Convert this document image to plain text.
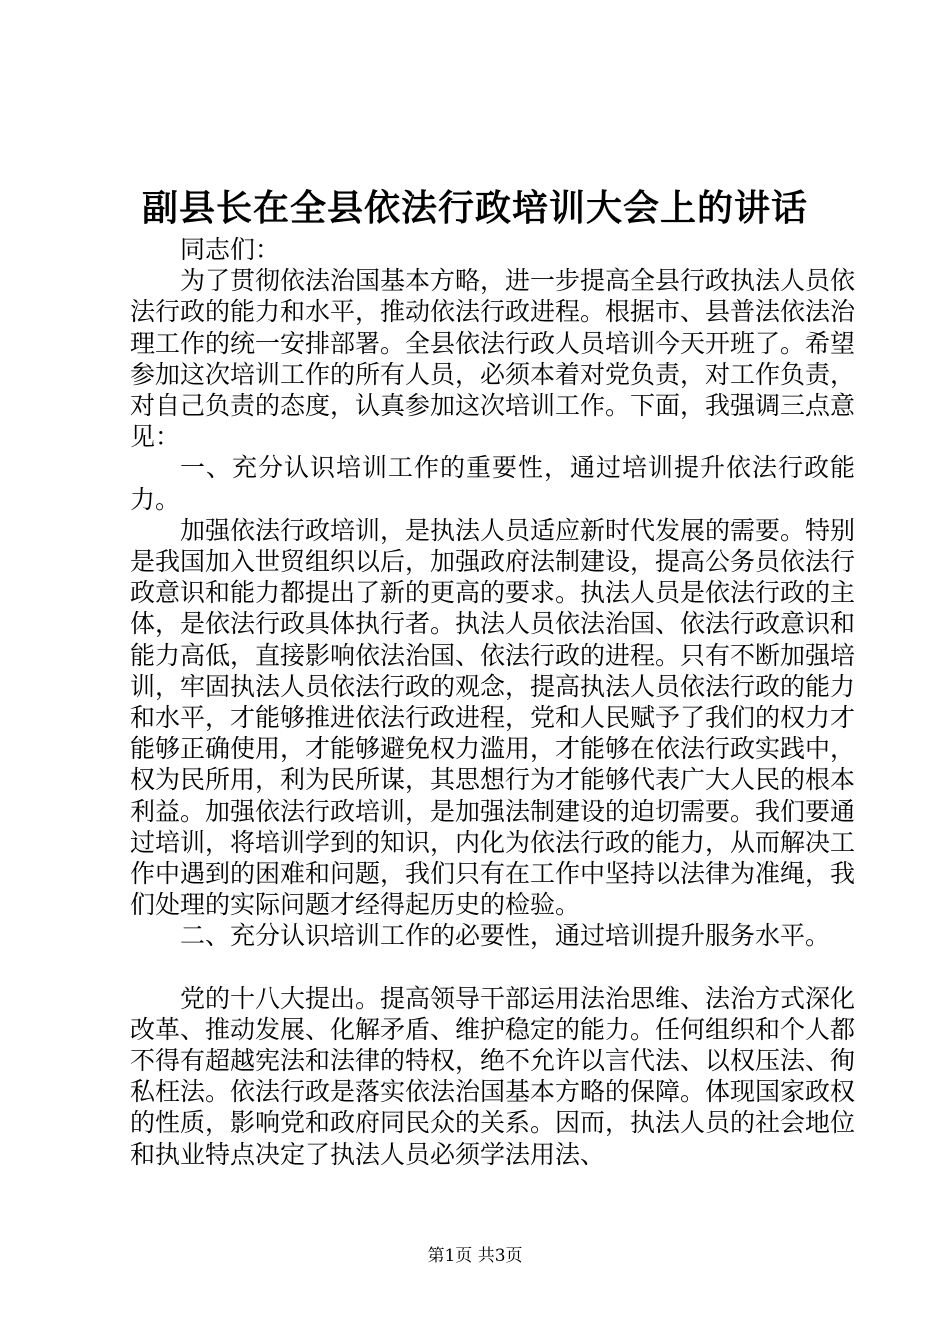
副县长在全县依法行政培训大会上的讲话

同志们：

为了贯彻依法治国基本方略，进一步提高全县行政执法人员依法行政的能力和水平，推动依法行政进程。根据市、县普法依法治理工作的统一安排部署。全县依法行政人员培训今天开班了。希望参加这次培训工作的所有人员，必须本着对党负责，对工作负责，对自己负责的态度，认真参加这次培训工作。下面，我强调三点意见：

一、充分认识培训工作的重要性，通过培训提升依法行政能力。

加强依法行政培训，是执法人员适应新时代发展的需要。特别是我国加入世贸组织以后，加强政府法制建设，提高公务员依法行政意识和能力都提出了新的更高的要求。执法人员是依法行政的主体，是依法行政具体执行者。执法人员依法治国、依法行政意识和能力高低，直接影响依法治国、依法行政的进程。只有不断加强培训，牢固执法人员依法行政的观念，提高执法人员依法行政的能力和水平，才能够推进依法行政进程，党和人民赋予了我们的权力才能够正确使用，才能够避免权力滥用，才能够在依法行政实践中，权为民所用，利为民所谋，其思想行为才能够代表广大人民的根本利益。加强依法行政培训，是加强法制建设的迫切需要。我们要通过培训，将培训学到的知识，内化为依法行政的能力，从而解决工作中遇到的困难和问题，我们只有在工作中坚持以法律为准绳，我们处理的实际问题才经得起历史的检验。

二、充分认识培训工作的必要性，通过培训提升服务水平。

党的十八大提出。提高领导干部运用法治思维、法治方式深化改革、推动发展、化解矛盾、维护稳定的能力。任何组织和个人都不得有超越宪法和法律的特权，绝不允许以言代法、以权压法、徇私枉法。依法行政是落实依法治国基本方略的保障。体现国家政权的性质，影响党和政府同民众的关系。因而，执法人员的社会地位和执业特点决定了执法人员必须学法用法、

第1页 共3页
